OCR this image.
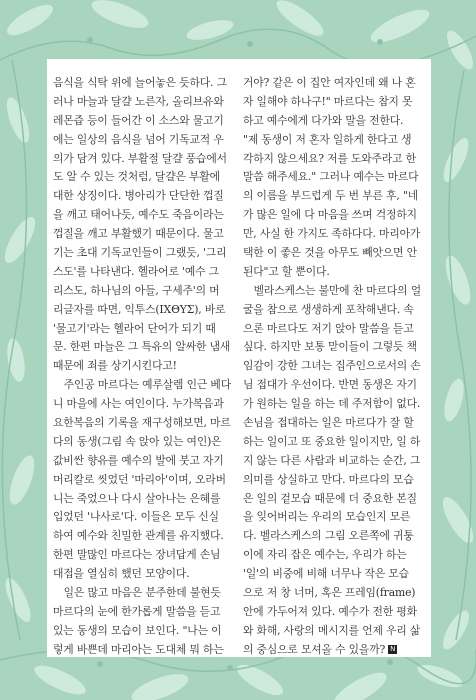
음식을 식탁 위에 늘어놓은 듯하다. 그
러나 마늘과 달걀 노른자, 올리브유와
레몬즙 등이 들어간 이 소스와 물고기
에는 일상의 음식을 넘어 기독교적 우
의가 담겨 있다. 부활절 달걀 풍습에서
도 알 수 있는 것처럼, 달걀은 부활에
대한 상징이다. 병아리가 단단한 껍질
을 깨고 태어나듯, 예수도 죽음이라는
껍질을 깨고 부활했기 때문이다. 물고
기는 초대 기독교인들이 그랬듯, '그리
스도'를 나타낸다. 헬라어로 '예수 그
리스도, 하나님의 아들, 구세주'의 머
리글자를 따면, 익투스(ΙΧΘΥΣ), 바로
'물고기'라는 헬라어 단어가 되기 때
문. 한편 마늘은 그 특유의 알싸한 냄새
때문에 죄를 상기시킨다고!
　주인공 마르다는 예루살렘 인근 베다
니 마을에 사는 여인이다. 누가복음과
요한복음의 기록을 재구성해보면, 마르
다의 동생(그림 속 앉아 있는 여인)은
값비싼 향유를 예수의 발에 붓고 자기
머리칼로 씻었던 '마리아'이며, 오라버
니는 죽었으나 다시 살아나는 은혜를
입었던 '나사로'다. 이들은 모두 신실
하여 예수와 친밀한 관계를 유지했다.
한편 말많인 마르다는 장녀답게 손님
대접을 열심히 했던 모양이다.
　일은 많고 마음은 분주한데 불현듯
마르다의 눈에 한가롭게 말씀을 듣고
있는 동생의 모습이 보인다. "나는 이
렇게 바쁜데 마리아는 도대체 뭐 하는
거야? 같은 이 집안 여자인데 왜 나 혼
자 일해야 하나구!" 마르다는 참지 못
하고 예수에게 다가와 말을 전한다.
"제 동생이 저 혼자 일하게 한다고 생
각하지 않으세요? 저를 도와주라고 한
말씀 해주세요." 그러나 예수는 마르다
의 이름을 부드럽게 두 번 부른 후, "네
가 많은 일에 다 마음을 쓰며 걱정하지
만, 사실 한 가지도 족하다다. 마리아가
택한 이 좋은 것을 아무도 빼앗으면 안
된다"고 할 뿐이다.
　벨라스케스는 불만에 찬 마르다의 얼
굴을 참으로 생생하게 포착해낸다. 속
으론 마르다도 저기 앉아 말씀을 듣고
싶다. 하지만 보통 맏이들이 그렇듯 책
임감이 강한 그녀는 집주인으로서의 손
님 접대가 우선이다. 반면 동생은 자기
가 원하는 일을 하는 데 주저함이 없다.
손님을 접대하는 일은 마르다가 잘 할
하는 일이고 또 중요한 일이지만, 일 하
지 않는 다른 사람과 비교하는 순간, 그
의미를 상실하고 만다. 마르다의 모습
은 일의 겉모습 때문에 더 중요한 본질
을 잊어버리는 우리의 모습인지 모른
다. 벨라스케스의 그림 오른쪽에 귀퉁
이에 자리 잡은 예수는, 우리가 하는
'일'의 비중에 비해 너무나 작은 모습
으로 저 창 너머, 혹은 프레임(frame)
안에 가두어져 있다. 예수가 전한 평화
와 화해, 사랑의 메시지를 언제 우리 삶
의 중심으로 모셔올 수 있을까? N
